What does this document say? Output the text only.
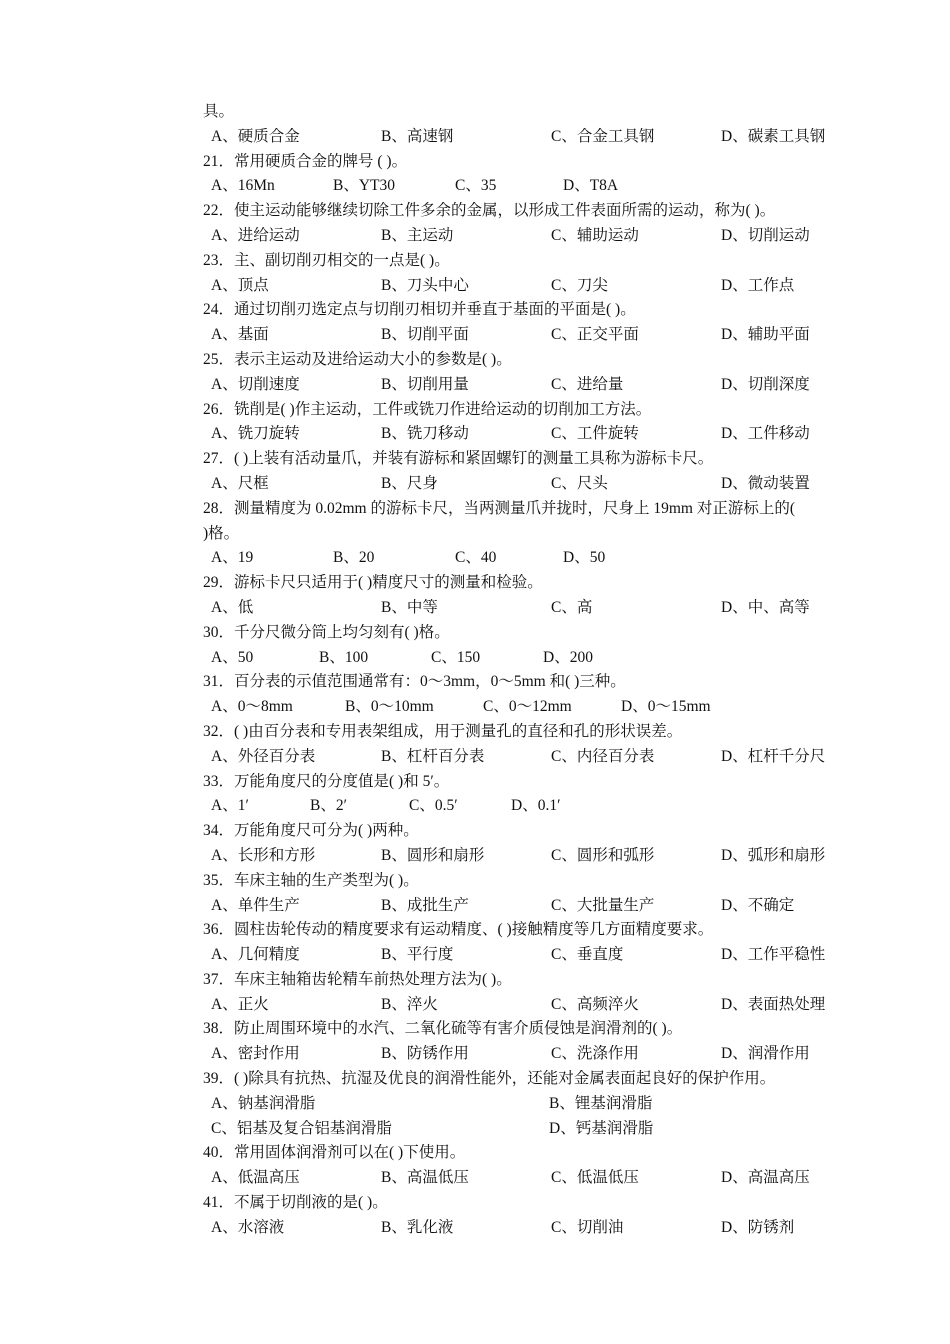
具。
A、硬质合金	B、高速钢	C、合金工具钢	D、碳素工具钢
21．常用硬质合金的牌号 ( )。
A、16Mn	B、YT30	C、35	D、T8A
22．使主运动能够继续切除工件多余的金属，以形成工件表面所需的运动，称为( )。
A、进给运动	B、主运动	C、辅助运动	D、切削运动
23．主、副切削刃相交的一点是( )。
A、顶点	B、刀头中心	C、刀尖	D、工作点
24．通过切削刃选定点与切削刃相切并垂直于基面的平面是( )。
A、基面	B、切削平面	C、正交平面	D、辅助平面
25．表示主运动及进给运动大小的参数是( )。
A、切削速度	B、切削用量	C、进给量	D、切削深度
26．铣削是( )作主运动，工件或铣刀作进给运动的切削加工方法。
A、铣刀旋转	B、铣刀移动	C、工件旋转	D、工件移动
27．( )上装有活动量爪，并装有游标和紧固螺钉的测量工具称为游标卡尺。
A、尺框	B、尺身	C、尺头	D、微动装置
28．测量精度为 0.02mm 的游标卡尺，当两测量爪并拢时，尺身上 19mm 对正游标上的(
)格。
A、19	B、20	C、40	D、50
29．游标卡尺只适用于( )精度尺寸的测量和检验。
A、低	B、中等	C、高	D、中、高等
30．千分尺微分筒上均匀刻有( )格。
A、50	B、100	C、150	D、200
31．百分表的示值范围通常有：0～3mm，0～5mm 和( )三种。
A、0～8mm	B、0～10mm	C、0～12mm	D、0～15mm
32．( )由百分表和专用表架组成，用于测量孔的直径和孔的形状误差。
A、外径百分表	B、杠杆百分表	C、内径百分表	D、杠杆千分尺
33．万能角度尺的分度值是( )和 5′。
A、1′	B、2′	C、0.5′	D、0.1′
34．万能角度尺可分为( )两种。
A、长形和方形	B、圆形和扇形	C、圆形和弧形	D、弧形和扇形
35．车床主轴的生产类型为( )。
A、单件生产	B、成批生产	C、大批量生产	D、不确定
36．圆柱齿轮传动的精度要求有运动精度、( )接触精度等几方面精度要求。
A、几何精度	B、平行度	C、垂直度	D、工作平稳性
37．车床主轴箱齿轮精车前热处理方法为( )。
A、正火	B、淬火	C、高频淬火	D、表面热处理
38．防止周围环境中的水汽、二氧化硫等有害介质侵蚀是润滑剂的( )。
A、密封作用	B、防锈作用	C、洗涤作用	D、润滑作用
39．( )除具有抗热、抗湿及优良的润滑性能外，还能对金属表面起良好的保护作用。
A、钠基润滑脂	B、锂基润滑脂
C、铝基及复合铝基润滑脂	D、钙基润滑脂
40．常用固体润滑剂可以在( )下使用。
A、低温高压	B、高温低压	C、低温低压	D、高温高压
41．不属于切削液的是( )。
A、水溶液	B、乳化液	C、切削油	D、防锈剂
